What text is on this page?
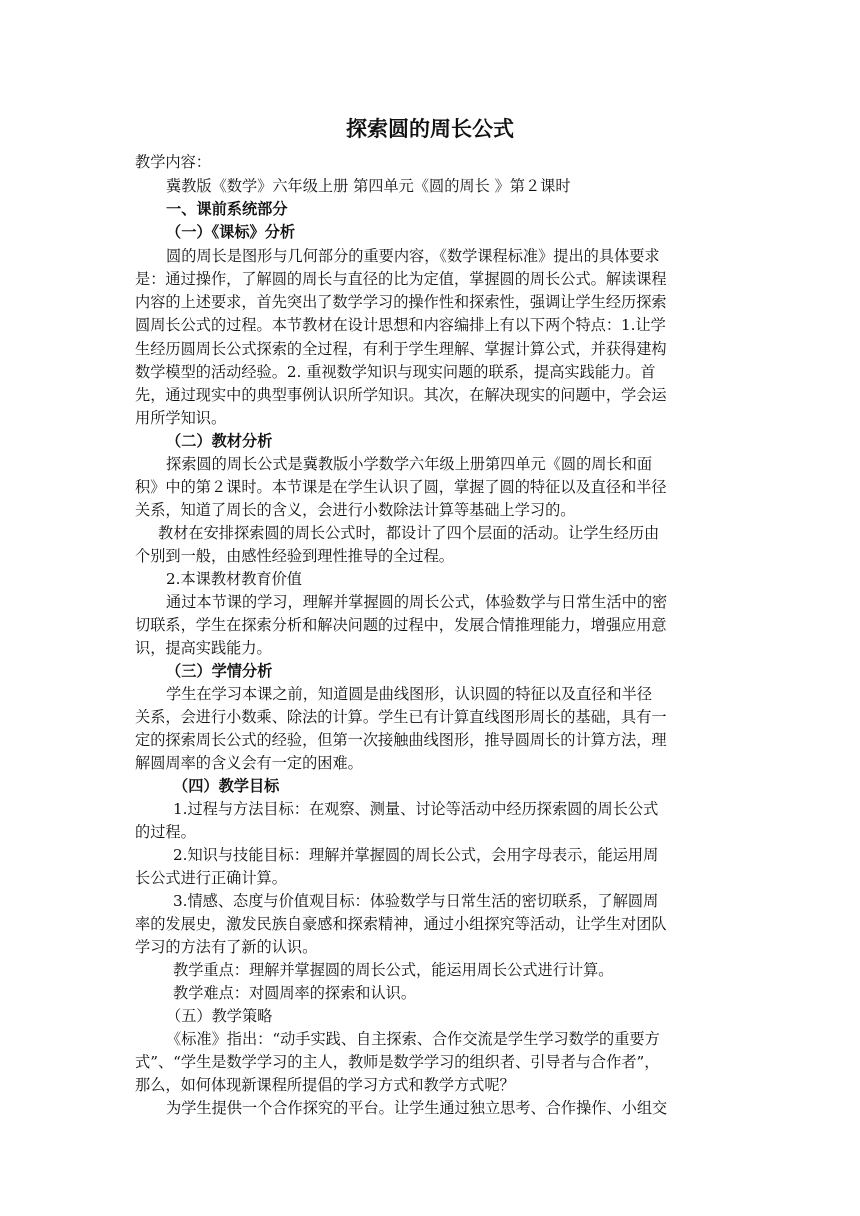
探索圆的周长公式

教学内容：

冀教版《数学》六年级上册 第四单元《圆的周长 》第２课时

一、课前系统部分

（一）《课标》分析

圆的周长是图形与几何部分的重要内容，《数学课程标准》提出的具体要求

是：通过操作，了解圆的周长与直径的比为定值，掌握圆的周长公式。解读课程

内容的上述要求，首先突出了数学学习的操作性和探索性，强调让学生经历探索

圆周长公式的过程。本节教材在设计思想和内容编排上有以下两个特点：1.让学

生经历圆周长公式探索的全过程，有利于学生理解、掌握计算公式，并获得建构

数学模型的活动经验。2. 重视数学知识与现实问题的联系，提高实践能力。首

先，通过现实中的典型事例认识所学知识。其次，在解决现实的问题中，学会运

用所学知识。

（二）教材分析

探索圆的周长公式是冀教版小学数学六年级上册第四单元《圆的周长和面

积》中的第２课时。本节课是在学生认识了圆，掌握了圆的特征以及直径和半径

关系，知道了周长的含义，会进行小数除法计算等基础上学习的。

教材在安排探索圆的周长公式时，都设计了四个层面的活动。让学生经历由

个别到一般，由感性经验到理性推导的全过程。

2.本课教材教育价值

通过本节课的学习，理解并掌握圆的周长公式，体验数学与日常生活中的密

切联系，学生在探索分析和解决问题的过程中，发展合情推理能力，增强应用意

识，提高实践能力。

（三）学情分析

学生在学习本课之前，知道圆是曲线图形，认识圆的特征以及直径和半径

关系，会进行小数乘、除法的计算。学生已有计算直线图形周长的基础，具有一

定的探索周长公式的经验，但第一次接触曲线图形，推导圆周长的计算方法，理

解圆周率的含义会有一定的困难。

（四）教学目标

1.过程与方法目标：在观察、测量、讨论等活动中经历探索圆的周长公式

的过程。

2.知识与技能目标：理解并掌握圆的周长公式，会用字母表示，能运用周

长公式进行正确计算。

3.情感、态度与价值观目标：体验数学与日常生活的密切联系，了解圆周

率的发展史，激发民族自豪感和探索精神，通过小组探究等活动，让学生对团队

学习的方法有了新的认识。

教学重点：理解并掌握圆的周长公式，能运用周长公式进行计算。

教学难点：对圆周率的探索和认识。

（五）教学策略

《标准》指出：“动手实践、自主探索、合作交流是学生学习数学的重要方

式”、“学生是数学学习的主人，教师是数学学习的组织者、引导者与合作者”，

那么，如何体现新课程所提倡的学习方式和教学方式呢？

为学生提供一个合作探究的平台。让学生通过独立思考、合作操作、小组交
